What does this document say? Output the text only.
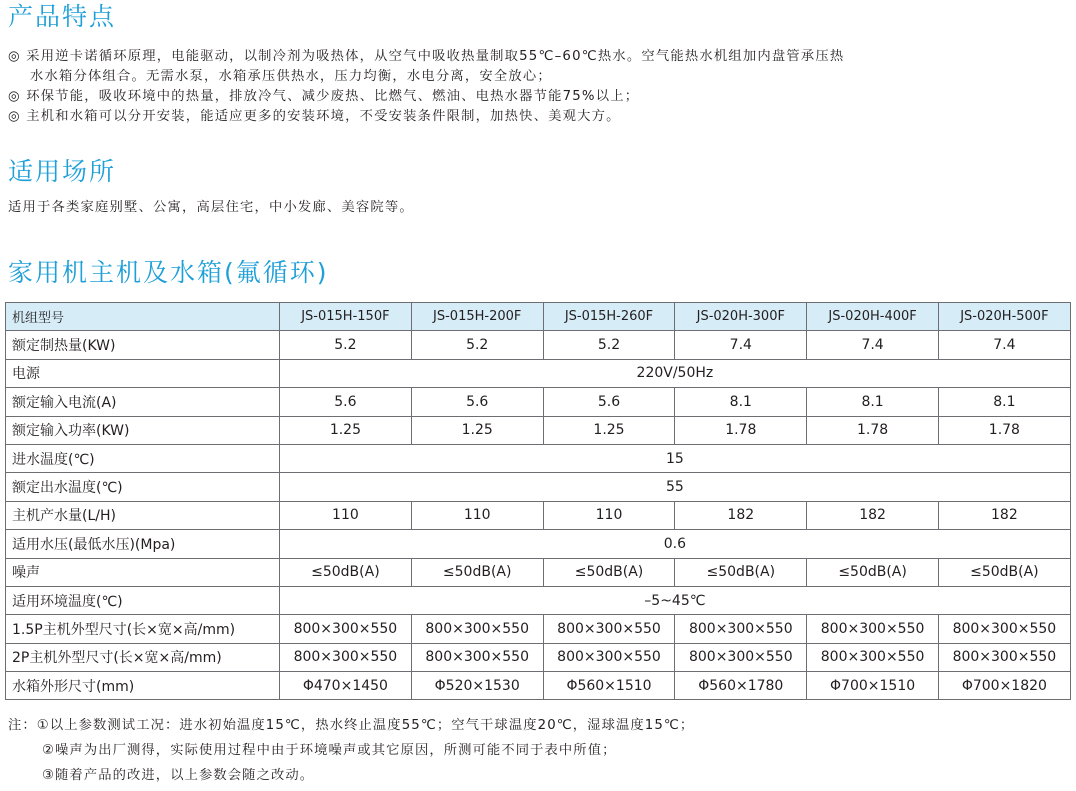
产品特点
◎ 采用逆卡诺循环原理，电能驱动，以制冷剂为吸热体，从空气中吸收热量制取55℃–60℃热水。空气能热水机组加内盘管承压热
水水箱分体组合。无需水泵，水箱承压供热水，压力均衡，水电分离，安全放心；
◎ 环保节能，吸收环境中的热量，排放冷气、减少废热、比燃气、燃油、电热水器节能75%以上；
◎ 主机和水箱可以分开安装，能适应更多的安装环境，不受安装条件限制，加热快、美观大方。
适用场所
适用于各类家庭别墅、公寓，高层住宅，中小发廊、美容院等。
家用机主机及水箱(氟循环)
机组型号	JS-015H-150F	JS-015H-200F	JS-015H-260F	JS-020H-300F	JS-020H-400F	JS-020H-500F
额定制热量(KW)	5.2	5.2	5.2	7.4	7.4	7.4
电源	220V/50Hz					
额定输入电流(A)	5.6	5.6	5.6	8.1	8.1	8.1
额定输入功率(KW)	1.25	1.25	1.25	1.78	1.78	1.78
进水温度(℃)	15					
额定出水温度(℃)	55					
主机产水量(L/H)	110	110	110	182	182	182
适用水压(最低水压)(Mpa)	0.6					
噪声	≤50dB(A)	≤50dB(A)	≤50dB(A)	≤50dB(A)	≤50dB(A)	≤50dB(A)
适用环境温度(℃)	–5~45℃					
1.5P主机外型尺寸(长×宽×高/mm)	800×300×550	800×300×550	800×300×550	800×300×550	800×300×550	800×300×550
2P主机外型尺寸(长×宽×高/mm)	800×300×550	800×300×550	800×300×550	800×300×550	800×300×550	800×300×550
水箱外形尺寸(mm)	Φ470×1450	Φ520×1530	Φ560×1510	Φ560×1780	Φ700×1510	Φ700×1820
注：①以上参数测试工况：进水初始温度15℃，热水终止温度55℃；空气干球温度20℃，湿球温度15℃；
②噪声为出厂测得，实际使用过程中由于环境噪声或其它原因，所测可能不同于表中所值；
③随着产品的改进，以上参数会随之改动。
